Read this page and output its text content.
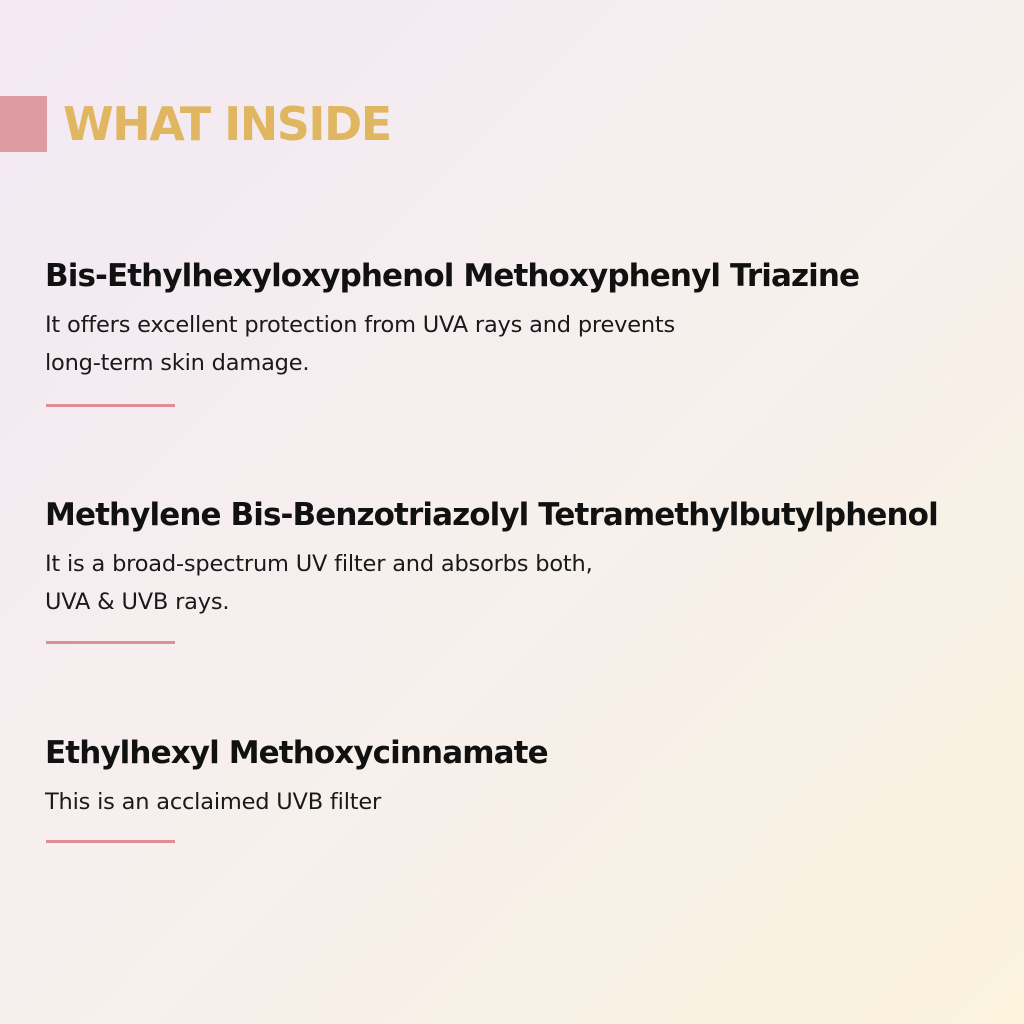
WHAT INSIDE
Bis-Ethylhexyloxyphenol Methoxyphenyl Triazine
It offers excellent protection from UVA rays and prevents
long-term skin damage.
Methylene Bis-Benzotriazolyl Tetramethylbutylphenol
It is a broad-spectrum UV filter and absorbs both,
UVA & UVB rays.
Ethylhexyl Methoxycinnamate
This is an acclaimed UVB filter
